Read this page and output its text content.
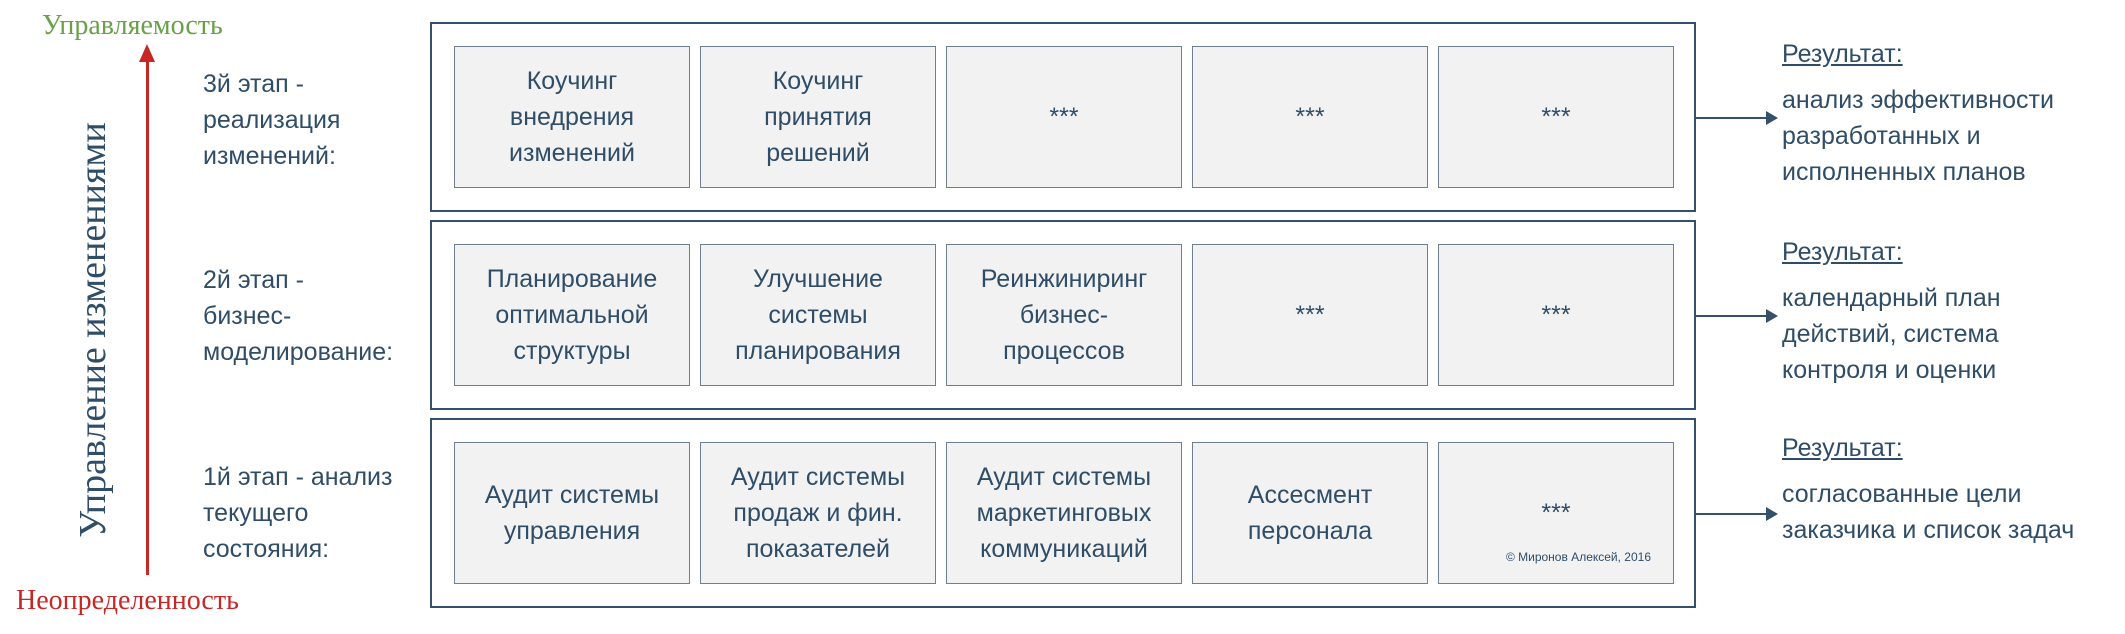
Управляемость
Управление изменениями
Неопределенность
3й этап -
реализация
изменений:
Коучинг
внедрения
изменений
Коучинг
принятия
решений
***	***	***
Результат:
анализ эффективности
разработанных и
исполненных планов
2й этап -
бизнес-
моделирование:
Планирование
оптимальной
структуры
Улучшение
системы
планирования
Реинжиниринг
бизнес-
процессов
***	***
Результат:
календарный план
действий, система
контроля и оценки
1й этап - анализ
текущего
состояния:
Аудит системы
управления
Аудит системы
продаж и фин.
показателей
Аудит системы
маркетинговых
коммуникаций
Ассесмент
персонала
***
© Миронов Алексей, 2016
Результат:
согласованные цели
заказчика и список задач
